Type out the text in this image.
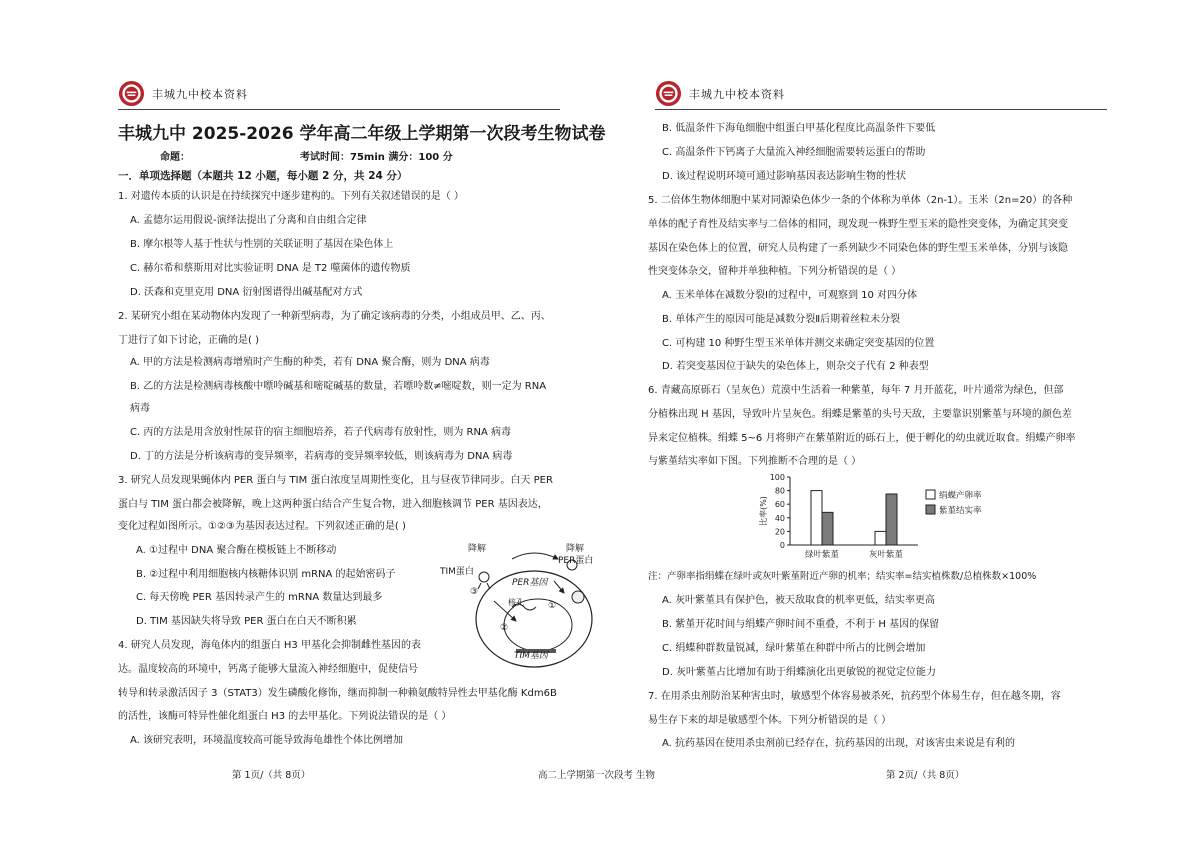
丰城九中校本资料
丰城九中 2025-2026 学年高二年级上学期第一次段考生物试卷
命题：	考试时间：75min 满分：100 分
一．单项选择题（本题共 12 小题，每小题 2 分，共 24 分）
1. 对遗传本质的认识是在持续探究中逐步建构的。下列有关叙述错误的是（ ）
A. 孟德尔运用假说-演绎法提出了分离和自由组合定律
B. 摩尔根等人基于性状与性别的关联证明了基因在染色体上
C. 赫尔希和蔡斯用对比实验证明 DNA 是 T2 噬菌体的遗传物质
D. 沃森和克里克用 DNA 衍射图谱得出碱基配对方式
2. 某研究小组在某动物体内发现了一种新型病毒，为了确定该病毒的分类，小组成员甲、乙、丙、
丁进行了如下讨论，正确的是( )
A. 甲的方法是检测病毒增殖时产生酶的种类，若有 DNA 聚合酶，则为 DNA 病毒
B. 乙的方法是检测病毒核酸中嘌呤碱基和嘧啶碱基的数量，若嘌呤数≠嘧啶数，则一定为 RNA
病毒
C. 丙的方法是用含放射性尿苷的宿主细胞培养，若子代病毒有放射性，则为 RNA 病毒
D. 丁的方法是分析该病毒的变异频率，若病毒的变异频率较低，则该病毒为 DNA 病毒
3. 研究人员发现果蝇体内 PER 蛋白与 TIM 蛋白浓度呈周期性变化，且与昼夜节律同步。白天 PER
蛋白与 TIM 蛋白都会被降解，晚上这两种蛋白结合产生复合物，进入细胞核调节 PER 基因表达，
变化过程如图所示。①②③为基因表达过程。下列叙述正确的是( )
A. ①过程中 DNA 聚合酶在模板链上不断移动
B. ②过程中利用细胞核内核糖体识别 mRNA 的起始密码子
C. 每天傍晚 PER 基因转录产生的 mRNA 数量达到最多
D. TIM 基因缺失将导致 PER 蛋白在白天不断积累
4. 研究人员发现，海龟体内的组蛋白 H3 甲基化会抑制雌性基因的表
达。温度较高的环境中，钙离子能够大量流入神经细胞中，促使信号
转导和转录激活因子 3（STAT3）发生磷酸化修饰，继而抑制一种赖氨酸特异性去甲基化酶 Kdm6B
的活性，该酶可特异性催化组蛋白 H3 的去甲基化。下列说法错误的是（ ）
A. 该研究表明，环境温度较高可能导致海龟雄性个体比例增加
降解	降解
PER蛋白
TIM蛋白
PER基因
③
①
②
核孔
TIM基因
第 1页/（共 8页）	高二上学期第一次段考 生物
丰城九中校本资料
B. 低温条件下海龟细胞中组蛋白甲基化程度比高温条件下要低
C. 高温条件下钙离子大量流入神经细胞需要转运蛋白的帮助
D. 该过程说明环境可通过影响基因表达影响生物的性状
5. 二倍体生物体细胞中某对同源染色体少一条的个体称为单体（2n-1）。玉米（2n=20）的各种
单体的配子育性及结实率与二倍体的相同，现发现一株野生型玉米的隐性突变体，为确定其突变
基因在染色体上的位置，研究人员构建了一系列缺少不同染色体的野生型玉米单体，分别与该隐
性突变体杂交，留种并单独种植。下列分析错误的是（ ）
A. 玉米单体在减数分裂Ⅰ的过程中，可观察到 10 对四分体
B. 单体产生的原因可能是减数分裂Ⅱ后期着丝粒未分裂
C. 可构建 10 种野生型玉米单体并测交来确定突变基因的位置
D. 若突变基因位于缺失的染色体上，则杂交子代有 2 种表型
6. 青藏高原砾石（呈灰色）荒漠中生活着一种紫堇，每年 7 月开蓝花，叶片通常为绿色，但部
分植株出现 H 基因，导致叶片呈灰色。绢蝶是紫堇的头号天敌，主要靠识别紫堇与环境的颜色差
异来定位植株。绢蝶 5~6 月将卵产在紫堇附近的砾石上，便于孵化的幼虫就近取食。绢蝶产卵率
与紫堇结实率如下图。下列推断不合理的是（ ）
0
20
40
60
80
100
比率(%)
绿叶紫堇	灰叶紫堇
绢蝶产卵率
紫堇结实率
注：产卵率指绢蝶在绿叶或灰叶紫堇附近产卵的机率；结实率=结实植株数/总植株数×100%
A. 灰叶紫堇具有保护色，被天敌取食的机率更低，结实率更高
B. 紫堇开花时间与绢蝶产卵时间不重叠，不利于 H 基因的保留
C. 绢蝶种群数量锐减，绿叶紫堇在种群中所占的比例会增加
D. 灰叶紫堇占比增加有助于绢蝶演化出更敏锐的视觉定位能力
7. 在用杀虫剂防治某种害虫时，敏感型个体容易被杀死，抗药型个体易生存，但在越冬期，容
易生存下来的却是敏感型个体。下列分析错误的是（ ）
A. 抗药基因在使用杀虫剂前已经存在，抗药基因的出现，对该害虫来说是有利的
第 2页/（共 8页）
